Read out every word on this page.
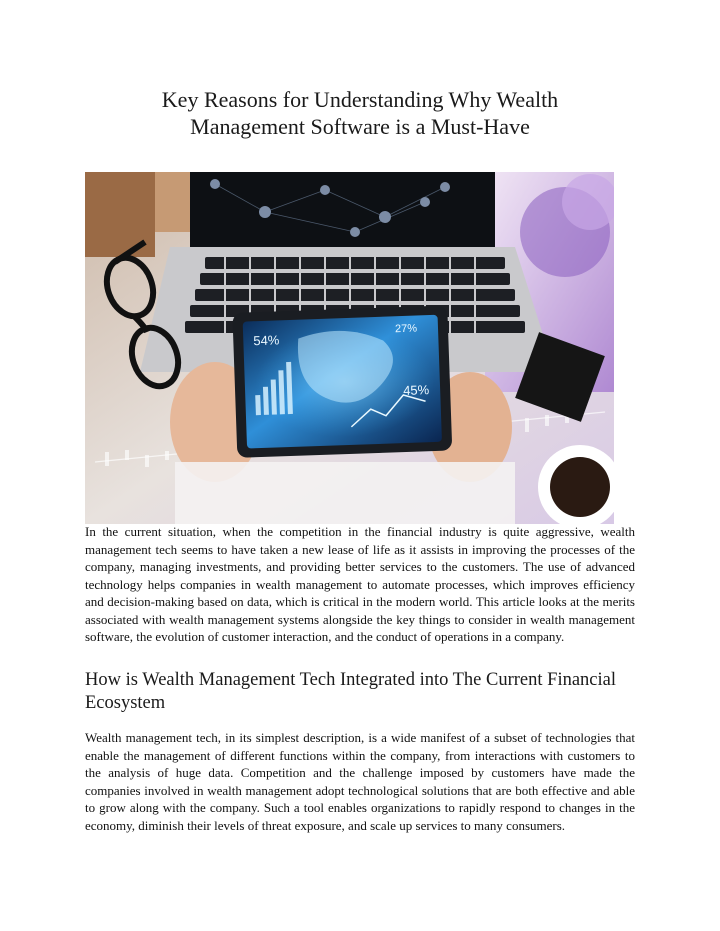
Key Reasons for Understanding Why Wealth
Management Software is a Must-Have
54%
27%
45%

In the current situation, when the competition in the financial industry is quite aggressive, wealth management tech seems to have taken a new lease of life as it assists in improving the processes of the company, managing investments, and providing better services to the customers. The use of advanced technology helps companies in wealth management to automate processes, which improves efficiency and decision-making based on data, which is critical in the modern world. This article looks at the merits associated with wealth management systems alongside the key things to consider in wealth management software, the evolution of customer interaction, and the conduct of operations in a company.

How is Wealth Management Tech Integrated into The Current Financial Ecosystem

Wealth management tech, in its simplest description, is a wide manifest of a subset of technologies that enable the management of different functions within the company, from interactions with customers to the analysis of huge data. Competition and the challenge imposed by customers have made the companies involved in wealth management adopt technological solutions that are both effective and able to grow along with the company. Such a tool enables organizations to rapidly respond to changes in the economy, diminish their levels of threat exposure, and scale up services to many consumers.
